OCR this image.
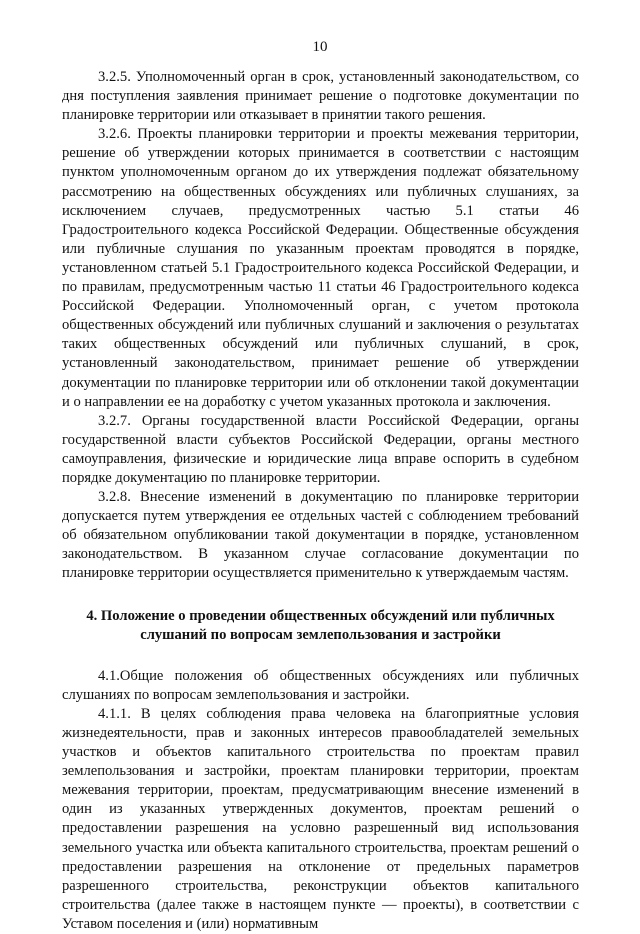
10

3.2.5. Уполномоченный орган в срок, установленный законодательством, со дня поступления заявления принимает решение о подготовке документации по планировке территории или отказывает в принятии такого решения.

3.2.6. Проекты планировки территории и проекты межевания территории, решение об утверждении которых принимается в соответствии с настоящим пунктом уполномоченным органом до их утверждения подлежат обязательному рассмотрению на общественных обсуждениях или публичных слушаниях, за исключением случаев, предусмотренных частью 5.1 статьи 46 Градостроительного кодекса Российской Федерации. Общественные обсуждения или публичные слушания по указанным проектам проводятся в порядке, установленном статьей 5.1 Градостроительного кодекса Российской Федерации, и по правилам, предусмотренным частью 11 статьи 46 Градостроительного кодекса Российской Федерации. Уполномоченный орган, с учетом протокола общественных обсуждений или публичных слушаний и заключения о результатах таких общественных обсуждений или публичных слушаний, в срок, установленный законодательством, принимает решение об утверждении документации по планировке территории или об отклонении такой документации и о направлении ее на доработку с учетом указанных протокола и заключения.

3.2.7. Органы государственной власти Российской Федерации, органы государственной власти субъектов Российской Федерации, органы местного самоуправления, физические и юридические лица вправе оспорить в судебном порядке документацию по планировке территории.

3.2.8. Внесение изменений в документацию по планировке территории допускается путем утверждения ее отдельных частей с соблюдением требований об обязательном опубликовании такой документации в порядке, установленном законодательством. В указанном случае согласование документации по планировке территории осуществляется применительно к утверждаемым частям.

4. Положение о проведении общественных обсуждений или публичных слушаний по вопросам землепользования и застройки

4.1.Общие положения об общественных обсуждениях или публичных слушаниях по вопросам землепользования и застройки.

4.1.1. В целях соблюдения права человека на благоприятные условия жизнедеятельности, прав и законных интересов правообладателей земельных участков и объектов капитального строительства по проектам правил землепользования и застройки, проектам планировки территории, проектам межевания территории, проектам, предусматривающим внесение изменений в один из указанных утвержденных документов, проектам решений о предоставлении разрешения на условно разрешенный вид использования земельного участка или объекта капитального строительства, проектам решений о предоставлении разрешения на отклонение от предельных параметров разрешенного строительства, реконструкции объектов капитального строительства (далее также в настоящем пункте — проекты), в соответствии с Уставом поселения и (или) нормативным
